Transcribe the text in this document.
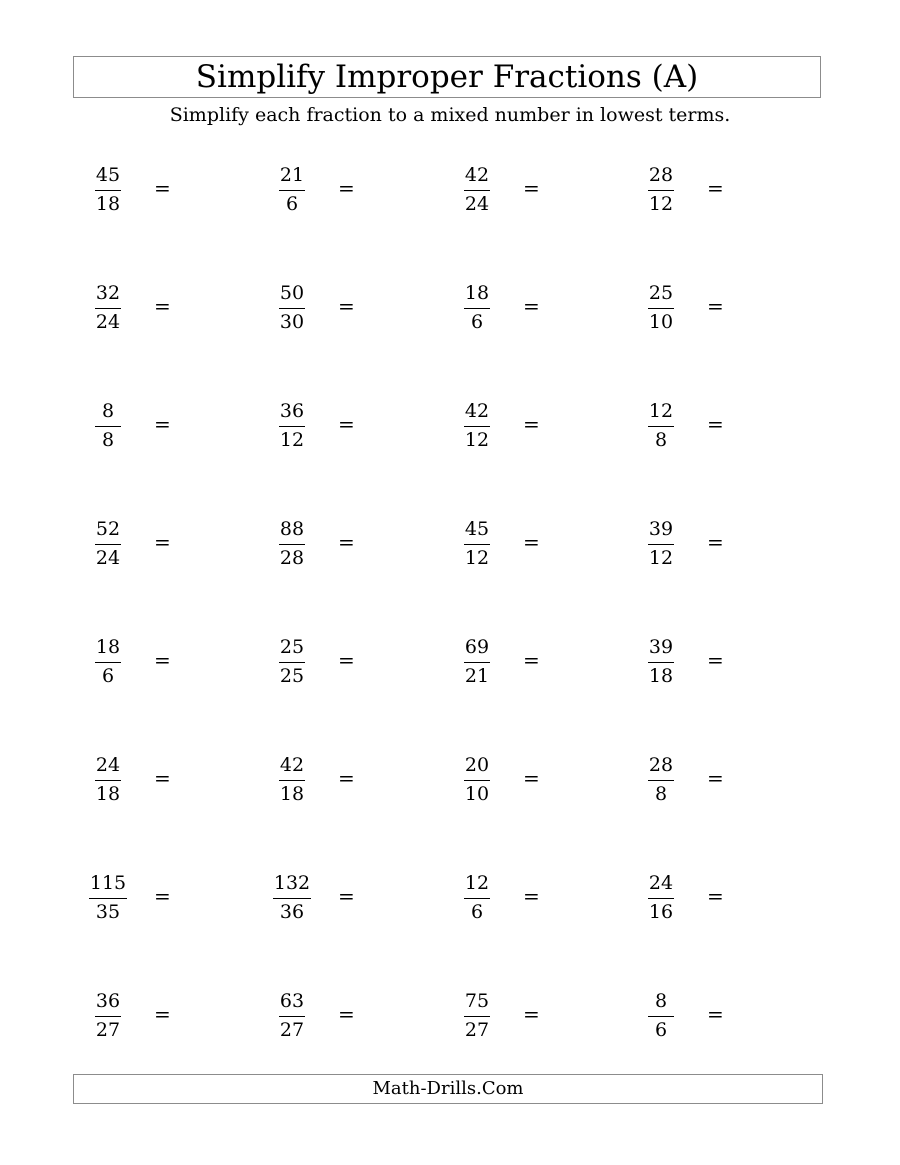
Simplify Improper Fractions (A)
Simplify each fraction to a mixed number in lowest terms.
45
18
=
21
6
=
42
24
=
28
12
=
32
24
=
50
30
=
18
6
=
25
10
=
8
8
=
36
12
=
42
12
=
12
8
=
52
24
=
88
28
=
45
12
=
39
12
=
18
6
=
25
25
=
69
21
=
39
18
=
24
18
=
42
18
=
20
10
=
28
8
=
115
35
=
132
36
=
12
6
=
24
16
=
36
27
=
63
27
=
75
27
=
8
6
=
Math-Drills.Com
